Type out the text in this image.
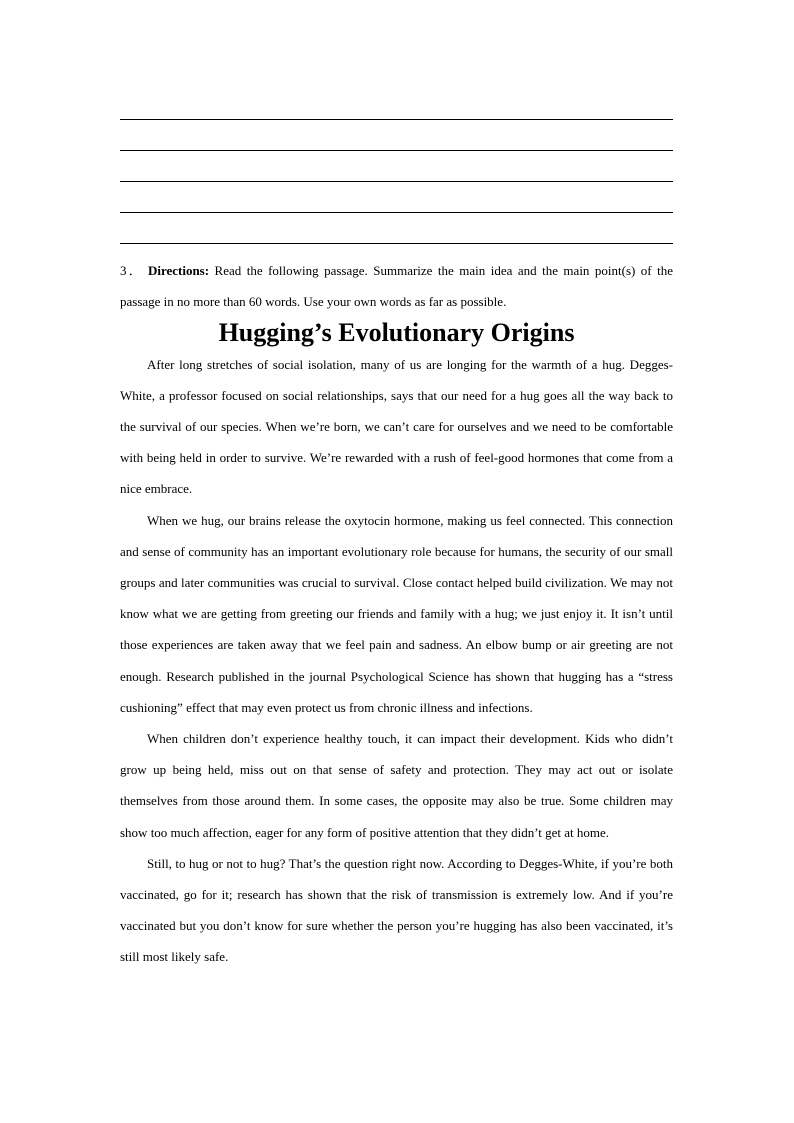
3． Directions: Read the following passage. Summarize the main idea and the main point(s) of the passage in no more than 60 words. Use your own words as far as possible.

Hugging’s Evolutionary Origins

After long stretches of social isolation, many of us are longing for the warmth of a hug. Degges-White, a professor focused on social relationships, says that our need for a hug goes all the way back to the survival of our species. When we’re born, we can’t care for ourselves and we need to be comfortable with being held in order to survive. We’re rewarded with a rush of feel-good hormones that come from a nice embrace.

When we hug, our brains release the oxytocin hormone, making us feel connected. This connection and sense of community has an important evolutionary role because for humans, the security of our small groups and later communities was crucial to survival. Close contact helped build civilization. We may not know what we are getting from greeting our friends and family with a hug; we just enjoy it. It isn’t until those experiences are taken away that we feel pain and sadness. An elbow bump or air greeting are not enough. Research published in the journal Psychological Science has shown that hugging has a “stress cushioning” effect that may even protect us from chronic illness and infections.

When children don’t experience healthy touch, it can impact their development. Kids who didn’t grow up being held, miss out on that sense of safety and protection. They may act out or isolate themselves from those around them. In some cases, the opposite may also be true. Some children may show too much affection, eager for any form of positive attention that they didn’t get at home.

Still, to hug or not to hug? That’s the question right now. According to Degges-White, if you’re both vaccinated, go for it; research has shown that the risk of transmission is extremely low. And if you’re vaccinated but you don’t know for sure whether the person you’re hugging has also been vaccinated, it’s still most likely safe.
